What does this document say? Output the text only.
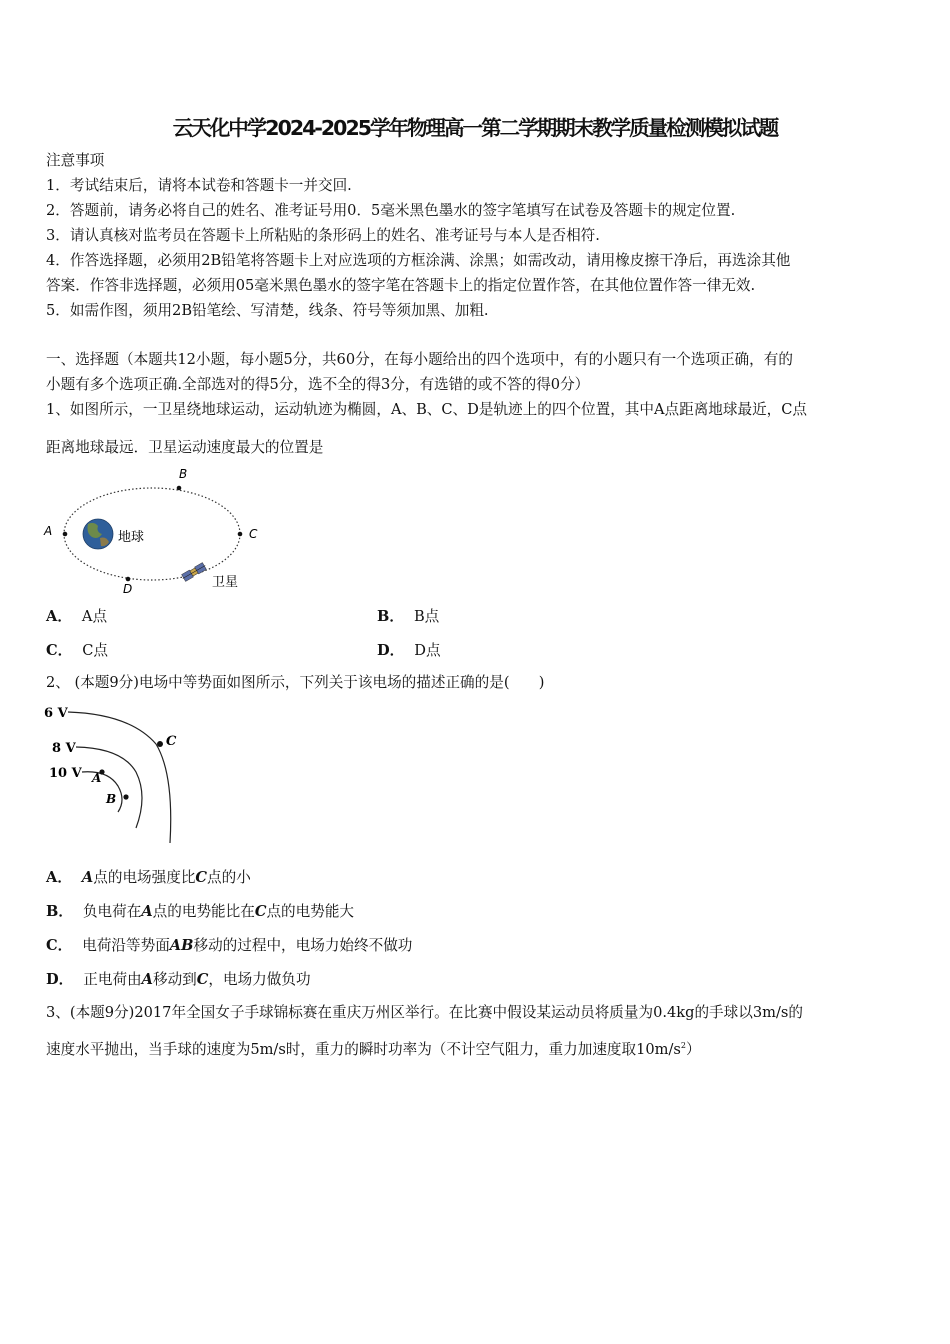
云天化中学2024-2025学年物理高一第二学期期末教学质量检测模拟试题
注意事项
1．考试结束后，请将本试卷和答题卡一并交回.
2．答题前，请务必将自己的姓名、准考证号用0．5毫米黑色墨水的签字笔填写在试卷及答题卡的规定位置.
3．请认真核对监考员在答题卡上所粘贴的条形码上的姓名、准考证号与本人是否相符.
4．作答选择题，必须用2B铅笔将答题卡上对应选项的方框涂满、涂黑；如需改动，请用橡皮擦干净后，再选涂其他
答案．作答非选择题，必须用05毫米黑色墨水的签字笔在答题卡上的指定位置作答，在其他位置作答一律无效.
5．如需作图，须用2B铅笔绘、写清楚，线条、符号等须加黑、加粗.
一、选择题（本题共12小题，每小题5分，共60分，在每小题给出的四个选项中，有的小题只有一个选项正确，有的
小题有多个选项正确.全部选对的得5分，选不全的得3分，有选错的或不答的得0分）
1、如图所示，一卫星绕地球运动，运动轨迹为椭圆，A、B、C、D是轨迹上的四个位置，其中A点距离地球最近，C点
距离地球最远．卫星运动速度最大的位置是
A
B
C
D
地球
卫星
A． A点	B． B点
C． C点	D． D点
2、 (本题9分)电场中等势面如图所示，下列关于该电场的描述正确的是(　　)
6 V
8 V
10 V
C
A
B
A． A点的电场强度比C点的小
B． 负电荷在A点的电势能比在C点的电势能大
C． 电荷沿等势面AB移动的过程中，电场力始终不做功
D． 正电荷由A移动到C，电场力做负功
3、(本题9分)2017年全国女子手球锦标赛在重庆万州区举行。在比赛中假设某运动员将质量为0.4kg的手球以3m/s的
速度水平抛出，当手球的速度为5m/s时，重力的瞬时功率为（不计空气阻力，重力加速度取$10m/s^2$）
